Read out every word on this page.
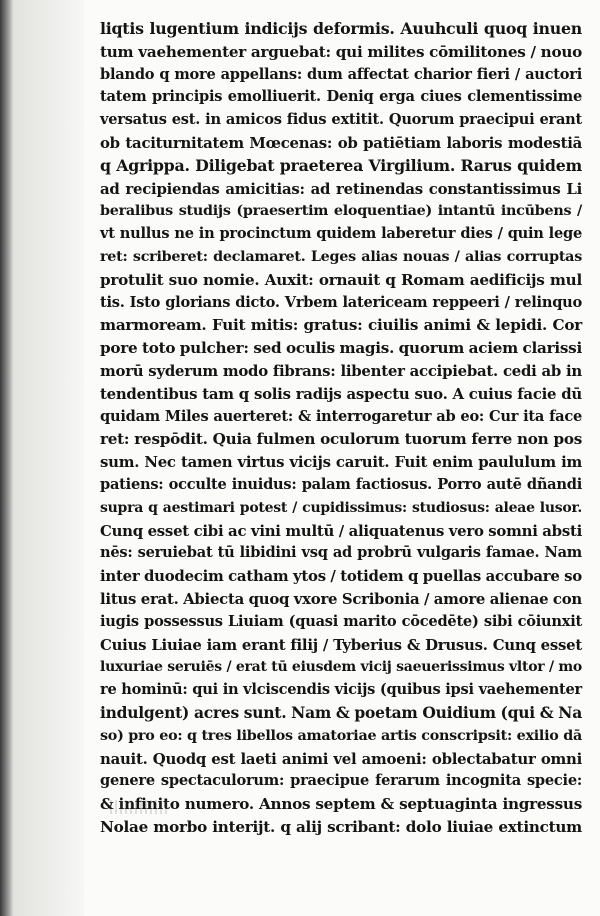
liqtis lugentium indicijs deformis. Auuhculi quoq inuen
tum vaehementer arguebat: qui milites cōmilitones / nouo
blando q more appellans: dum affectat charior fieri / auctori
tatem principis emolliuerit. Deniq erga ciues clementissime
versatus est. in amicos fidus extitit. Quorum praecipui erant
ob taciturnitatem Mœcenas: ob patiētiam laboris modestiā
q Agrippa. Diligebat praeterea Virgilium. Rarus quidem
ad recipiendas amicitias: ad retinendas constantissimus Li
beralibus studijs (praesertim eloquentiae) intantū incūbens /
vt nullus ne in procinctum quidem laberetur dies / quin lege
ret: scriberet: declamaret. Leges alias nouas / alias corruptas
protulit suo nomie. Auxit: ornauit q Romam aedificijs mul
tis. Isto glorians dicto. Vrbem latericeam reppeeri / relinquo
marmoream. Fuit mitis: gratus: ciuilis animi & lepidi. Cor
pore toto pulcher: sed oculis magis. quorum aciem clarissi
morū syderum modo fibrans: libenter accipiebat. cedi ab in
tendentibus tam q solis radijs aspectu suo. A cuius facie dū
quidam Miles auerteret: & interrogaretur ab eo: Cur ita face
ret: respōdit. Quia fulmen oculorum tuorum ferre non pos
sum. Nec tamen virtus vicijs caruit. Fuit enim paululum im
patiens: occulte inuidus: palam factiosus. Porro autē dñandi
supra q aestimari potest / cupidissimus: studiosus: aleae lusor.
Cunq esset cibi ac vini multū / aliquatenus vero somni absti
nēs: seruiebat tū libidini vsq ad probrū vulgaris famae. Nam
inter duodecim catham ytos / totidem q puellas accubare so
litus erat. Abiecta quoq vxore Scribonia / amore alienae con
iugis possessus Liuiam (quasi marito cōcedēte) sibi cōiunxit
Cuius Liuiae iam erant filij / Tyberius & Drusus. Cunq esset
luxuriae seruiēs / erat tū eiusdem vicij saeuerissimus vltor / mo
re hominū: qui in vlciscendis vicijs (quibus ipsi vaehementer
indulgent) acres sunt. Nam & poetam Ouidium (qui & Na
so) pro eo: q tres libellos amatoriae artis conscripsit: exilio dā
nauit. Quodq est laeti animi vel amoeni: oblectabatur omni
genere spectaculorum: praecipue ferarum incognita specie:
& infinito numero. Annos septem & septuaginta ingressus
Nolae morbo interijt. q alij scribant: dolo liuiae extinctum
